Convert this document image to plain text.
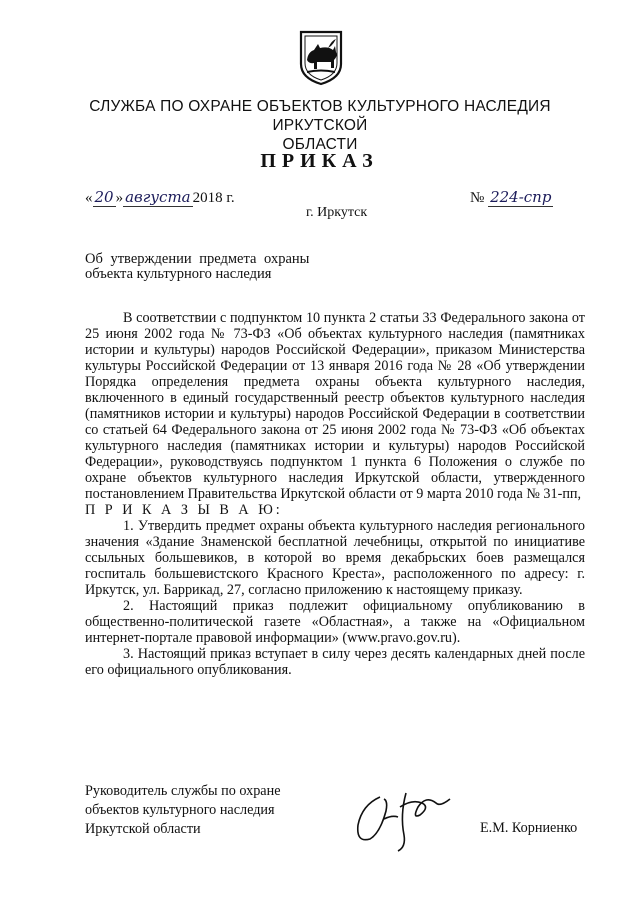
СЛУЖБА ПО ОХРАНЕ ОБЪЕКТОВ КУЛЬТУРНОГО НАСЛЕДИЯ ИРКУТСКОЙ
ОБЛАСТИ
ПРИКАЗ
« 20 » августа 2018 г.	№ 224-спр
г. Иркутск
Об утверждении предмета охраны
объекта культурного наследия

В соответствии с подпунктом 10 пункта 2 статьи 33 Федерального закона от 25 июня 2002 года № 73-ФЗ «Об объектах культурного наследия (памятниках истории и культуры) народов Российской Федерации», приказом Министерства культуры Российской Федерации от 13 января 2016 года № 28 «Об утверждении Порядка определения предмета охраны объекта культурного наследия, включенного в единый государственный реестр объектов культурного наследия (памятников истории и культуры) народов Российской Федерации в соответствии со статьей 64 Федерального закона от 25 июня 2002 года № 73-ФЗ «Об объектах культурного наследия (памятниках истории и культуры) народов Российской Федерации», руководствуясь подпунктом 1 пункта 6 Положения о службе по охране объектов культурного наследия Иркутской области, утвержденного постановлением Правительства Иркутской области от 9 марта 2010 года № 31-пп,

П Р И К А З Ы В А Ю:

1. Утвердить предмет охраны объекта культурного наследия регионального значения «Здание Знаменской бесплатной лечебницы, открытой по инициативе ссыльных большевиков, в которой во время декабрьских боев размещался госпиталь большевистского Красного Креста», расположенного по адресу: г. Иркутск, ул. Баррикад, 27, согласно приложению к настоящему приказу.

2. Настоящий приказ подлежит официальному опубликованию в общественно-политической газете «Областная», а также на «Официальном интернет-портале правовой информации» (www.pravo.gov.ru).

3. Настоящий приказ вступает в силу через десять календарных дней после его официального опубликования.

Руководитель службы по охране
объектов культурного наследия
Иркутской области	Е.М. Корниенко
